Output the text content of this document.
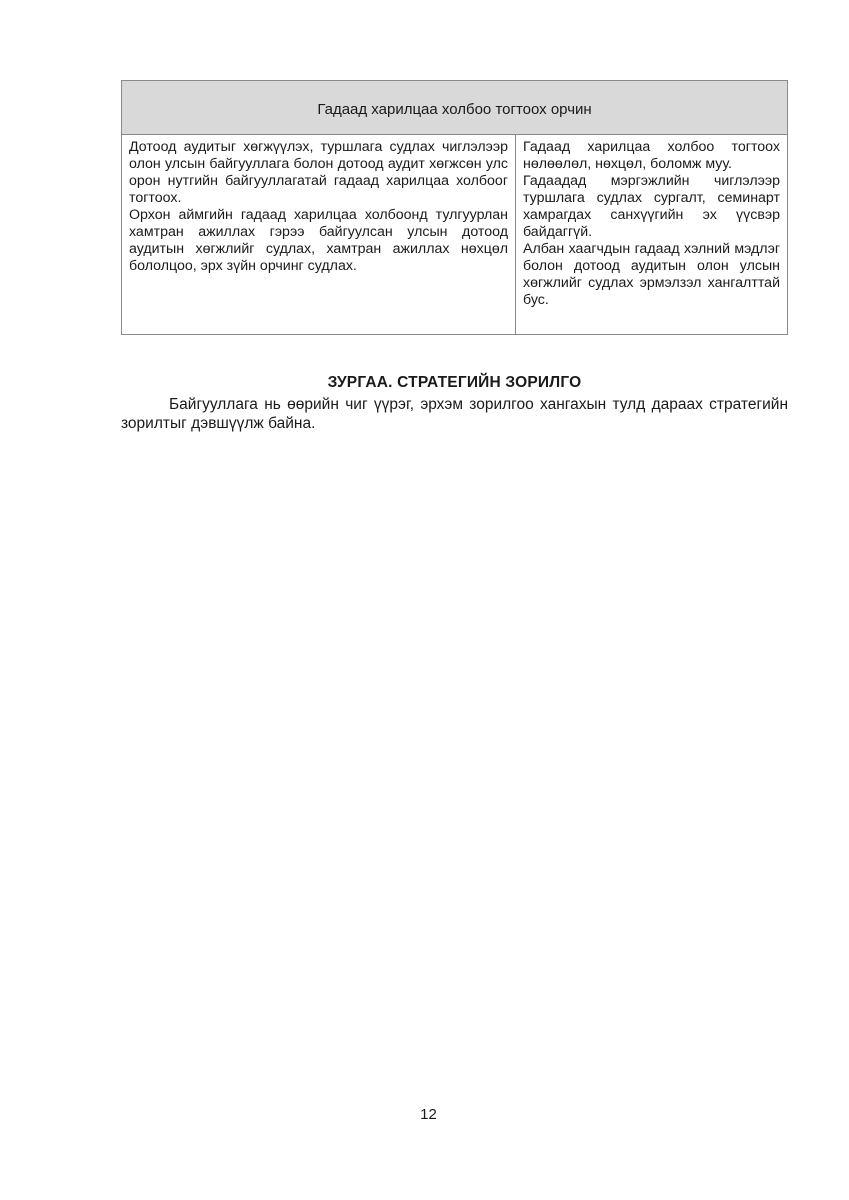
Гадаад харилцаа холбоо тогтоох орчин

Дотоод аудитыг хөгжүүлэх, туршлага судлах чиглэлээр олон улсын байгууллага болон дотоод аудит хөгжсөн улс орон нутгийн байгууллагатай гадаад харилцаа холбоог тогтоох.

Орхон аймгийн гадаад харилцаа холбоонд тулгуурлан хамтран ажиллах гэрээ байгуулсан улсын дотоод аудитын хөгжлийг судлах, хамтран ажиллах нөхцөл бололцоо, эрх зүйн орчинг судлах.

Гадаад харилцаа холбоо тогтоох нөлөөлөл, нөхцөл, боломж муу.

Гадаадад мэргэжлийн чиглэлээр туршлага судлах сургалт, семинарт хамрагдах санхүүгийн эх үүсвэр байдаггүй.

Албан хаагчдын гадаад хэлний мэдлэг болон дотоод аудитын олон улсын хөгжлийг судлах эрмэлзэл хангалттай бус.

ЗУРГАА. СТРАТЕГИЙН ЗОРИЛГО

Байгууллага нь өөрийн чиг үүрэг, эрхэм зорилгоо хангахын тулд дараах стратегийн зорилтыг дэвшүүлж байна.

12
